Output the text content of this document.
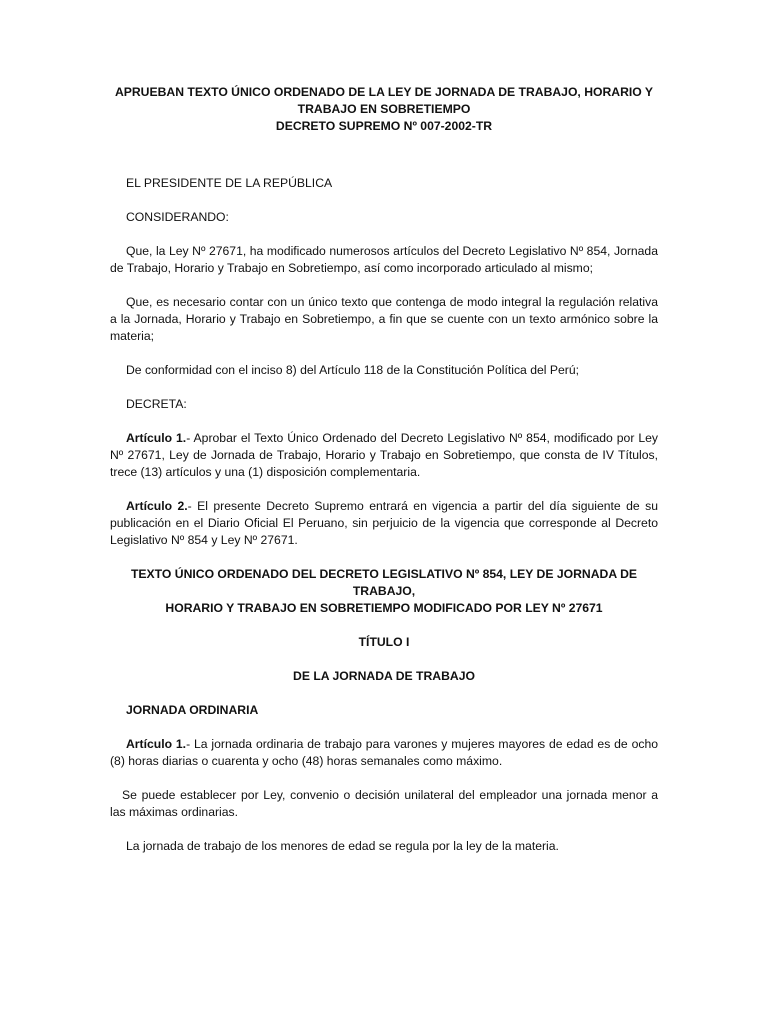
APRUEBAN TEXTO ÚNICO ORDENADO DE LA LEY DE JORNADA DE TRABAJO, HORARIO Y
TRABAJO EN SOBRETIEMPO
DECRETO SUPREMO Nº 007-2002-TR

EL PRESIDENTE DE LA REPÚBLICA

CONSIDERANDO:

Que, la Ley Nº 27671, ha modificado numerosos artículos del Decreto Legislativo Nº 854, Jornada de Trabajo, Horario y Trabajo en Sobretiempo, así como incorporado articulado al mismo;

Que, es necesario contar con un único texto que contenga de modo integral la regulación relativa a la Jornada, Horario y Trabajo en Sobretiempo, a fin que se cuente con un texto armónico sobre la materia;

De conformidad con el inciso 8) del Artículo 118 de la Constitución Política del Perú;

DECRETA:

Artículo 1.- Aprobar el Texto Único Ordenado del Decreto Legislativo Nº 854, modificado por Ley Nº 27671, Ley de Jornada de Trabajo, Horario y Trabajo en Sobretiempo, que consta de IV Títulos, trece (13) artículos y una (1) disposición complementaria.

Artículo 2.- El presente Decreto Supremo entrará en vigencia a partir del día siguiente de su publicación en el Diario Oficial El Peruano, sin perjuicio de la vigencia que corresponde al Decreto Legislativo Nº 854 y Ley Nº 27671.

TEXTO ÚNICO ORDENADO DEL DECRETO LEGISLATIVO Nº 854, LEY DE JORNADA DE TRABAJO,
HORARIO Y TRABAJO EN SOBRETIEMPO MODIFICADO POR LEY Nº 27671

TÍTULO I

DE LA JORNADA DE TRABAJO

JORNADA ORDINARIA

Artículo 1.- La jornada ordinaria de trabajo para varones y mujeres mayores de edad es de ocho (8) horas diarias o cuarenta y ocho (48) horas semanales como máximo.

Se puede establecer por Ley, convenio o decisión unilateral del empleador una jornada menor a las máximas ordinarias.

La jornada de trabajo de los menores de edad se regula por la ley de la materia.
